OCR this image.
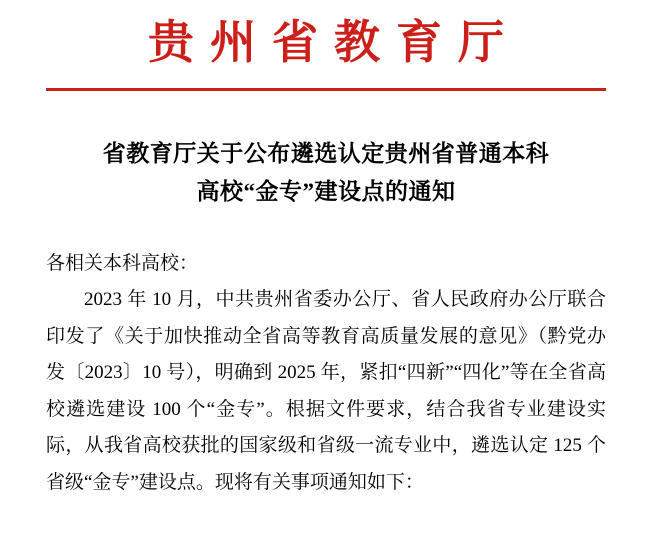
贵州省教育厅
省教育厅关于公布遴选认定贵州省普通本科
高校“金专”建设点的通知

各相关本科高校：

2023 年 10 月，中共贵州省委办公厅、省人民政府办公厅联合印发了《关于加快推动全省高等教育高质量发展的意见》（黔党办发〔2023〕10 号），明确到 2025 年，紧扣“四新”“四化”等在全省高校遴选建设 100 个“金专”。根据文件要求，结合我省专业建设实际，从我省高校获批的国家级和省级一流专业中，遴选认定 125 个省级“金专”建设点。现将有关事项通知如下：
